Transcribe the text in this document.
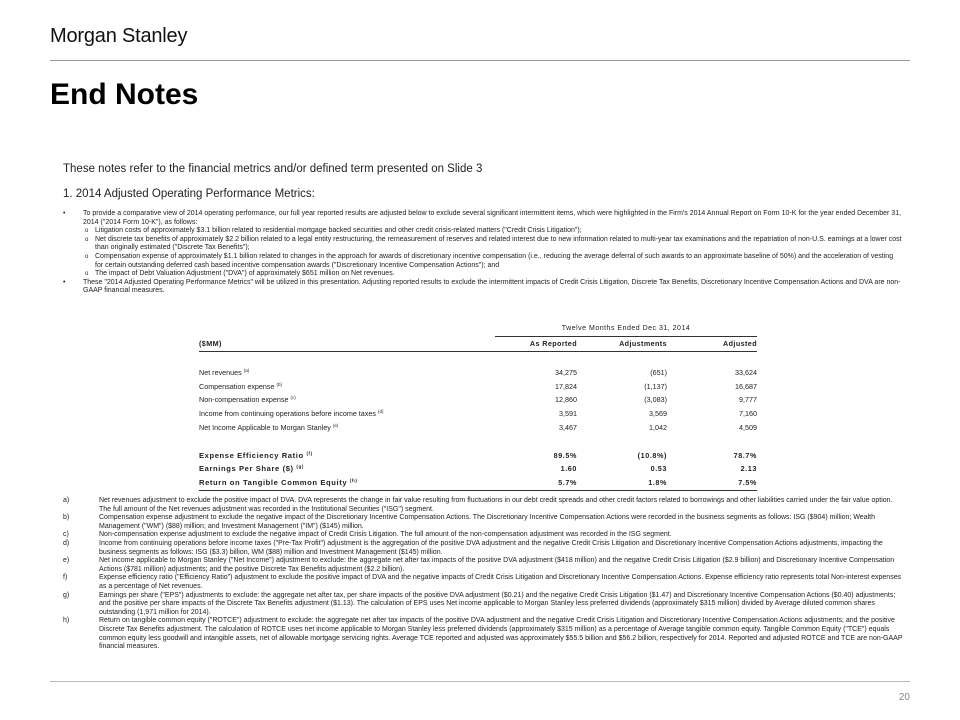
Morgan Stanley
End Notes
These notes refer to the financial metrics and/or defined term presented on Slide 3
1. 2014 Adjusted Operating Performance Metrics:
•	To provide a comparative view of 2014 operating performance, our full year reported results are adjusted below to exclude several significant intermittent items, which were highlighted in the Firm's 2014 Annual Report on Form 10-K for the year ended December 31, 2014 ("2014 Form 10-K"), as follows:
o Litigation costs of approximately $3.1 billion related to residential mortgage backed securities and other credit crisis-related matters ("Credit Crisis Litigation");
o Net discrete tax benefits of approximately $2.2 billion related to a legal entity restructuring, the remeasurement of reserves and related interest due to new information related to multi-year tax examinations and the repatriation of non-U.S. earnings at a lower cost than originally estimated ("Discrete Tax Benefits");
o Compensation expense of approximately $1.1 billion related to changes in the approach for awards of discretionary incentive compensation (i.e., reducing the average deferral of such awards to an approximate baseline of 50%) and the acceleration of vesting for certain outstanding deferred cash based incentive compensation awards ("Discretionary Incentive Compensation Actions"); and
o The impact of Debt Valuation Adjustment ("DVA") of approximately $651 million on Net revenues.
•	These "2014 Adjusted Operating Performance Metrics" will be utilized in this presentation. Adjusting reported results to exclude the intermittent impacts of Credit Crisis Litigation, Discrete Tax Benefits, Discretionary Incentive Compensation Actions and DVA are non-GAAP financial measures.
	Twelve Months Ended Dec 31, 2014		
($MM)	As Reported	Adjustments	Adjusted

Net revenues $^{(a)}$	34,275	(651)	33,624
Compensation expense $^{(b)}$	17,824	(1,137)	16,687
Non-compensation expense $^{(c)}$	12,860	(3,083)	9,777
Income from continuing operations before income taxes $^{(d)}$	3,591	3,569	7,160
Net Income Applicable to Morgan Stanley $^{(e)}$	3,467	1,042	4,509

Expense Efficiency Ratio $^{(f)}$	89.5%	(10.8%)	78.7%
Earnings Per Share ($) $^{(g)}$	1.60	0.53	2.13
Return on Tangible Common Equity $^{(h)}$	5.7%	1.8%	7.5%
a)	Net revenues adjustment to exclude the positive impact of DVA. DVA represents the change in fair value resulting from fluctuations in our debt credit spreads and other credit factors related to borrowings and other liabilities carried under the fair value option. The full amount of the Net revenues adjustment was recorded in the Institutional Securities ("ISG") segment.
b)	Compensation expense adjustment to exclude the negative impact of the Discretionary Incentive Compensation Actions. The Discretionary Incentive Compensation Actions were recorded in the business segments as follows: ISG ($904) million; Wealth Management ("WM") ($88) million; and Investment Management ("IM") ($145) million.
c)	Non-compensation expense adjustment to exclude the negative impact of Credit Crisis Litigation. The full amount of the non-compensation adjustment was recorded in the ISG segment.
d)	Income from continuing operations before income taxes ("Pre-Tax Profit") adjustment is the aggregation of the positive DVA adjustment and the negative Credit Crisis Litigation and Discretionary Incentive Compensation Actions adjustments, impacting the business segments as follows: ISG ($3.3) billion, WM ($88) million and Investment Management ($145) million.
e)	Net income applicable to Morgan Stanley ("Net Income") adjustment to exclude: the aggregate net after tax impacts of the positive DVA adjustment ($418 million) and the negative Credit Crisis Litigation ($2.9 billion) and Discretionary Incentive Compensation Actions ($781 million) adjustments; and the positive Discrete Tax Benefits adjustment ($2.2 billion).
f)	Expense efficiency ratio ("Efficiency Ratio") adjustment to exclude the positive impact of DVA and the negative impacts of Credit Crisis Litigation and Discretionary Incentive Compensation Actions. Expense efficiency ratio represents total Non-interest expenses as a percentage of Net revenues.
g)	Earnings per share ("EPS") adjustments to exclude: the aggregate net after tax, per share impacts of the positive DVA adjustment ($0.21) and the negative Credit Crisis Litigation ($1.47) and Discretionary Incentive Compensation Actions ($0.40) adjustments; and the positive per share impacts of the Discrete Tax Benefits adjustment ($1.13). The calculation of EPS uses Net income applicable to Morgan Stanley less preferred dividends (approximately $315 million) divided by Average diluted common shares outstanding (1,971 million for 2014).
h)	Return on tangible common equity ("ROTCE") adjustment to exclude: the aggregate net after tax impacts of the positive DVA adjustment and the negative Credit Crisis Litigation and Discretionary Incentive Compensation Actions adjustments; and the positive Discrete Tax Benefits adjustment. The calculation of ROTCE uses net income applicable to Morgan Stanley less preferred dividends (approximately $315 million) as a percentage of Average tangible common equity. Tangible Common Equity ("TCE") equals common equity less goodwill and intangible assets, net of allowable mortgage servicing rights. Average TCE reported and adjusted was approximately $55.5 billion and $56.2 billion, respectively for 2014. Reported and adjusted ROTCE and TCE are non-GAAP financial measures.
20
